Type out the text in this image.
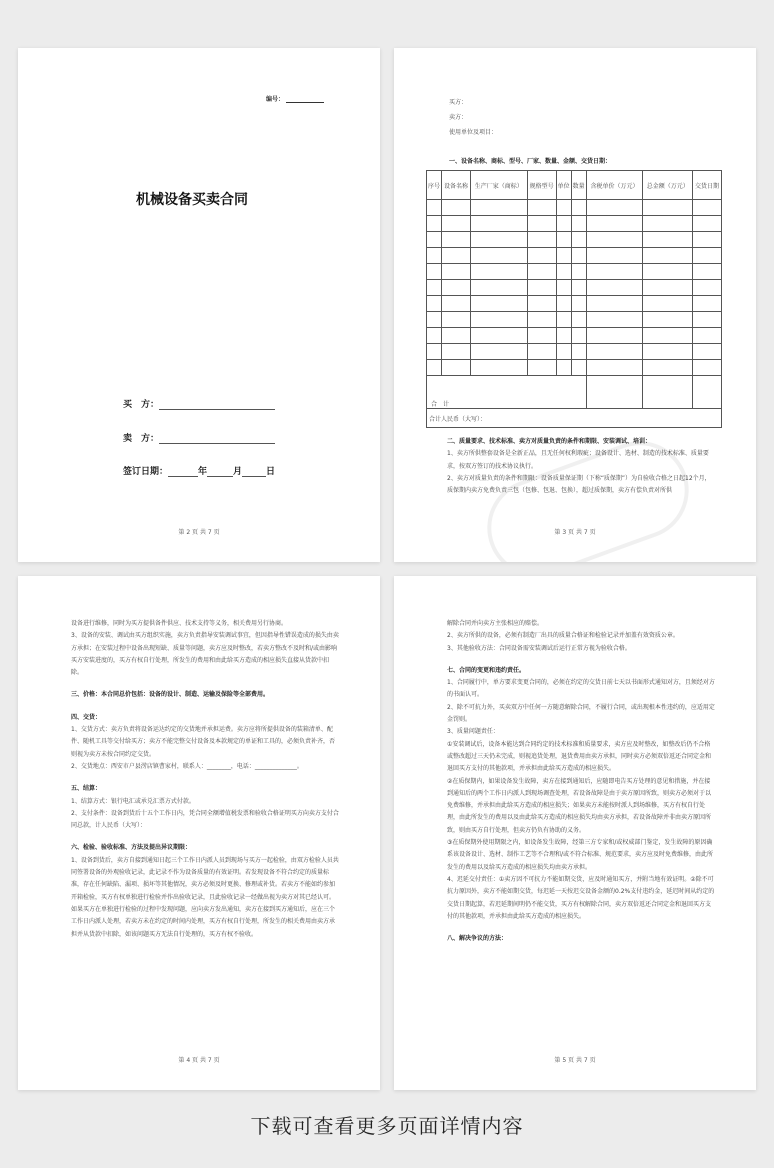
编号：
机械设备买卖合同
买　方：
卖　方：
签订日期：	年	月	日
第 2 页 共 7 页
买方：
卖方：
使用单位及项目：
一、设备名称、商标、型号、厂家、数量、金额、交货日期：
序号	设备名称	生产厂家（商标）	规格型号	单位	数量	含税单价（万元）	总金额（万元）	交货日期

合　计								
合计人民币（大写）：								

二、质量要求、技术标准、卖方对质量负责的条件和期限、安装调试、培训：

1、卖方所供整套设备是全新正品，且无任何权利瑕疵；设备设计、选材、制造的技术标准、质量要求，按双方签订的技术协议执行。

2、卖方对质量负责的条件和期限：设备质量保证期（下称“质保期”）为自验收合格之日起12个月，质保期内卖方免费负责三包（包修、包退、包换），超过质保期，卖方有偿负责对所供

第 3 页 共 7 页

设备进行维修，同时为买方提供备件供应、技术支持等义务，相关费用另行协商。

3、设备的安装、调试由买方组织实施，卖方负责指导安装调试事宜，但因指导性错误造成的损失由卖方承担；在安装过程中设备出现短缺、质量等问题，卖方应及时整改，若卖方整改不及时和/或由影响买方安装进度的，买方有权自行处理，所发生的费用和由此给买方造成的相应损失直接从货款中扣除。

三、价格：本合同总价包括：设备的设计、制造、运输及保险等全部费用。

四、交货：

1、交货方式：卖方负责将设备运达约定的交货地并承担运费。卖方应将所提供设备的装箱清单、配件、随机工具等交付给买方；卖方不能完整交付设备及本款规定的单证和工具的，必须负责补齐，否则视为卖方未按合同约定交货。

2、交货地点：西安市户县涝店镇曹家村，联系人：________，电话：______________。

五、结算：

1、结算方式：银行电汇或承兑汇票方式付款。

2、支付条件：设备到货后十五个工作日内，凭合同全额增值税发票和验收合格证明买方向卖方支付合同总款，计人民币（大写）：

六、检验、验收标准、方法及提出异议期限：

1、设备到货后，卖方自接到通知日起三个工作日内派人员到现场与买方一起检验，由双方检验人员共同签署设备的外观验收记录，此记录不作为设备质量的有效证明。若发现设备不符合约定的质量标准，存在任何缺陷、漏项、损坏等其他情况，卖方必须及时更换、修理或补货。若卖方不能如约参加开箱检验，买方有权单独进行检验并作出验收记录，且此验收记录一经做出视为卖方对其已经认可。如果买方在单独进行检验的过程中发现问题，应向卖方发出通知，卖方在接到买方通知后，应在三个工作日内派人处理，若卖方未在约定的时间内处理，买方有权自行处理，所发生的相关费用由卖方承担并从货款中扣除，如该问题买方无法自行处理的，买方有权不验收。

第 4 页 共 7 页

解除合同并向卖方主张相应的赔偿。

2、卖方所供的设备，必须有制造厂出具的质量合格证和检验记录并加盖有效资质公章。

3、其他验收方法：合同设备需安装调试后运行正常方视为验收合格。

七、合同的变更和违约责任。

1、合同履行中，单方要求变更合同的，必须在约定的交货日前七天以书面形式通知对方，且须经对方的书面认可。

2、除不可抗力外，买卖双方中任何一方随意解除合同，不履行合同，或出现根本性违约的，应适用定金罚则。

3、质量问题责任：

①安装调试后，设备本能达到合同约定的技术标准和质量要求，卖方应及时整改，如整改后仍不合格或整改超过三天仍未完成，则视追货处理，退货费用由卖方承担，同时卖方必须双倍返还合同定金和退回买方支付的其他款项，并承担由此给买方造成的相应损失。

②在质保期内，如果设备发生故障，卖方在接到通知后，应随即电告买方处理的意见和措施，并在接到通知后的两个工作日内派人到现场调查处理，若设备故障是由于卖方原因所致，则卖方必须对于以免费维修，并承担由此给买方造成的相应损失；如果卖方未能按时派人到场维修，买方有权自行处理，由此所发生的费用以及由此给买方造成的相应损失均由卖方承担，若设备故障并非由卖方原因所致，则由买方自行处理，但卖方仍负有协助的义务。

③在质保期外使用期限之内，如设备发生故障，经第三方专家和/或权威部门鉴定，发生故障的原因确系该设备设计、选材、制作工艺等不合理和/或不符合标准、规范要求，卖方应及时免费维修，由此所发生的费用以及给买方造成的相应损失均由卖方承担。

4、迟延交付责任：①卖方因不可抗力不能如期交货，应及时通知买方，并附当地有效证明。②除不可抗力原因外，卖方不能如期交货，每迟延一天按迟交设备金额的0.2%支付违约金，延迟时间从约定的交货日期起算，若迟延期间明仍不能交货，买方有权解除合同，卖方双倍返还合同定金和退回买方支付的其他款项，并承担由此给买方造成的相应损失。

八、解决争议的方法：

第 5 页 共 7 页
下载可查看更多页面详情内容
